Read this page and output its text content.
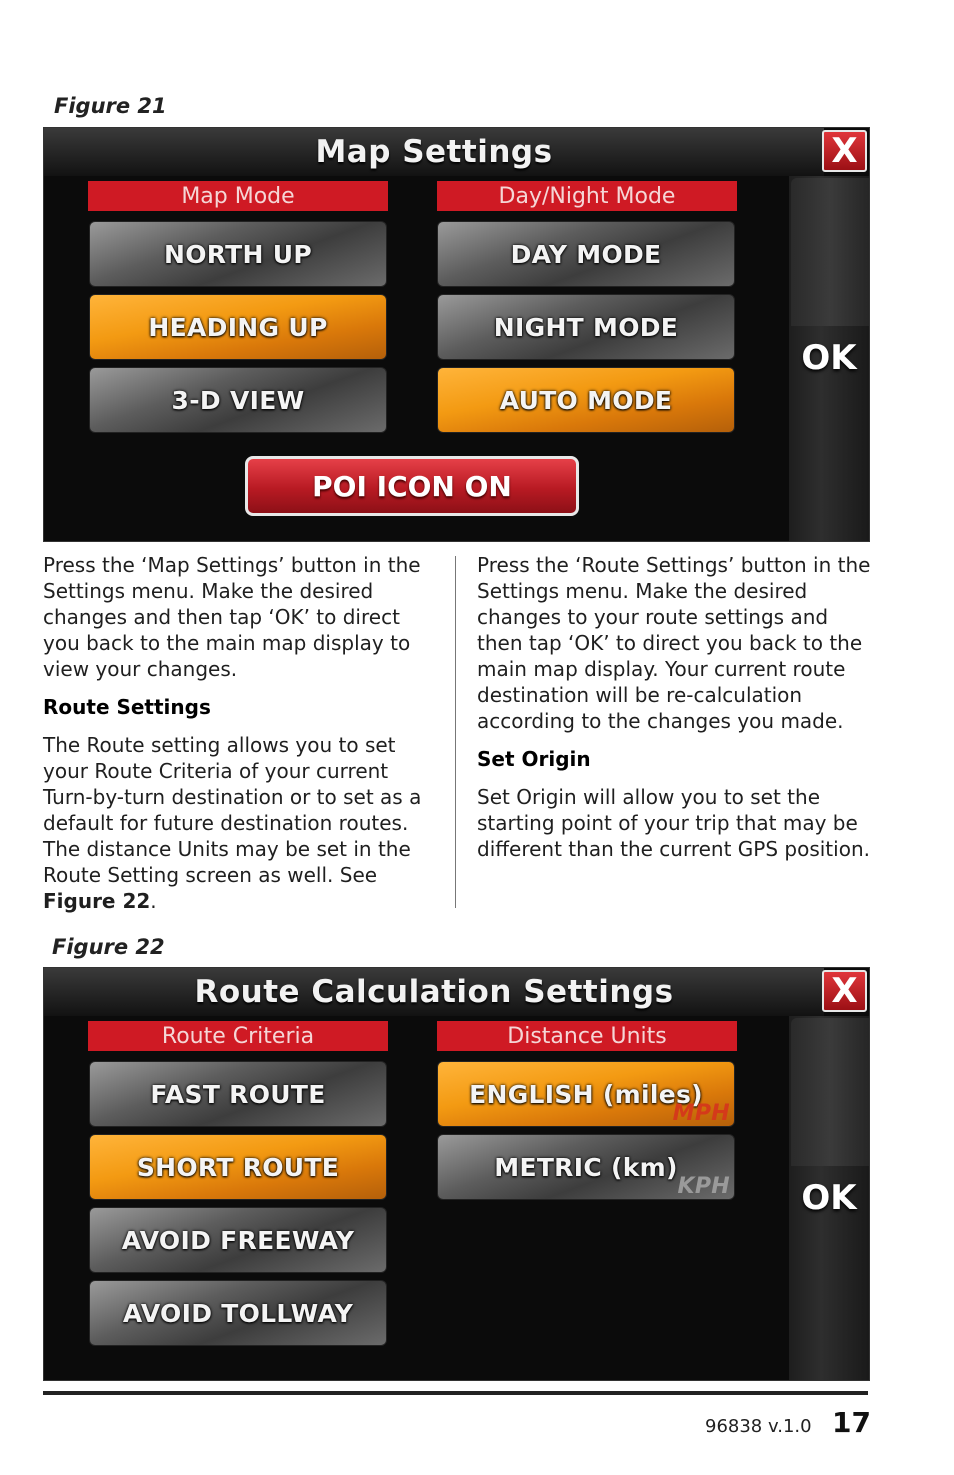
Figure 21
Map Settings	X
OK
Map Mode	Day/Night Mode
NORTH UP
HEADING UP
3-D VIEW
DAY MODE
NIGHT MODE
AUTO MODE
POI ICON ON

Press the ‘Map Settings’ button in the Settings menu. Make the desired changes and then tap ‘OK’ to direct you back to the main map display to view your changes.

Route Settings

The Route setting allows you to set your Route Criteria of your current Turn-by-turn destination or to set as a default for future destination routes. The distance Units may be set in the Route Setting screen as well. See Figure 22.

Press the ‘Route Settings’ button in the Settings menu. Make the desired changes to your route settings and then tap ‘OK’ to direct you back to the main map display. Your current route destination will be re-calculation according to the changes you made.

Set Origin

Set Origin will allow you to set the starting point of your trip that may be different than the current GPS position.

Figure 22
Route Calculation Settings	X
OK
Route Criteria	Distance Units
FAST ROUTE
SHORT ROUTE
AVOID FREEWAY
AVOID TOLLWAY
ENGLISH (miles)
MPH
METRIC (km)
KPH
96838 v.1.0 17
